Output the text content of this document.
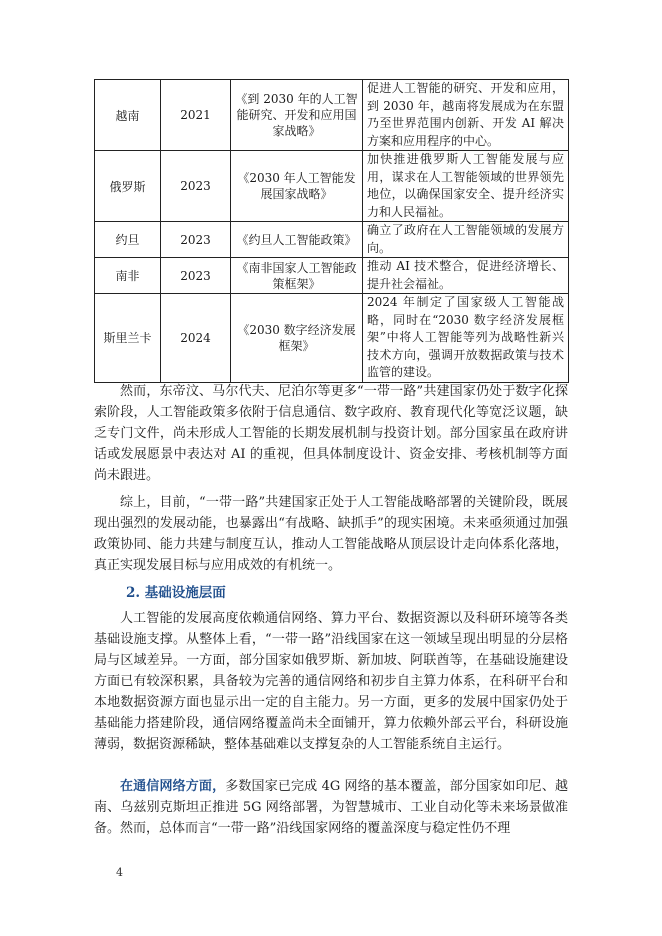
越南	2021	《到 2030 年的人工智能研究、开发和应用国家战略》	促进人工智能的研究、开发和应用，到 2030 年，越南将发展成为在东盟乃至世界范围内创新、开发 AI 解决方案和应用程序的中心。
俄罗斯	2023	《2030 年人工智能发展国家战略》	加快推进俄罗斯人工智能发展与应用，谋求在人工智能领域的世界领先地位，以确保国家安全、提升经济实力和人民福祉。
约旦	2023	《约旦人工智能政策》	确立了政府在人工智能领域的发展方向。
南非	2023	《南非国家人工智能政策框架》	推动 AI 技术整合，促进经济增长、提升社会福祉。
斯里兰卡	2024	《2030 数字经济发展框架》	2024 年制定了国家级人工智能战略，同时在“2030 数字经济发展框架”中将人工智能等列为战略性新兴技术方向，强调开放数据政策与技术监管的建设。

然而，东帝汶、马尔代夫、尼泊尔等更多“一带一路”共建国家仍处于数字化探索阶段，人工智能政策多依附于信息通信、数字政府、教育现代化等宽泛议题，缺乏专门文件，尚未形成人工智能的长期发展机制与投资计划。部分国家虽在政府讲话或发展愿景中表达对 AI 的重视，但具体制度设计、资金安排、考核机制等方面尚未跟进。

综上，目前，“一带一路”共建国家正处于人工智能战略部署的关键阶段，既展现出强烈的发展动能，也暴露出“有战略、缺抓手”的现实困境。未来亟须通过加强政策协同、能力共建与制度互认，推动人工智能战略从顶层设计走向体系化落地，真正实现发展目标与应用成效的有机统一。

2. 基础设施层面

人工智能的发展高度依赖通信网络、算力平台、数据资源以及科研环境等各类基础设施支撑。从整体上看，“一带一路”沿线国家在这一领域呈现出明显的分层格局与区域差异。一方面，部分国家如俄罗斯、新加坡、阿联酋等，在基础设施建设方面已有较深积累，具备较为完善的通信网络和初步自主算力体系，在科研平台和本地数据资源方面也显示出一定的自主能力。另一方面，更多的发展中国家仍处于基础能力搭建阶段，通信网络覆盖尚未全面铺开，算力依赖外部云平台，科研设施薄弱，数据资源稀缺，整体基础难以支撑复杂的人工智能系统自主运行。

在通信网络方面，多数国家已完成 4G 网络的基本覆盖，部分国家如印尼、越南、乌兹别克斯坦正推进 5G 网络部署，为智慧城市、工业自动化等未来场景做准备。然而，总体而言“一带一路”沿线国家网络的覆盖深度与稳定性仍不理

4
